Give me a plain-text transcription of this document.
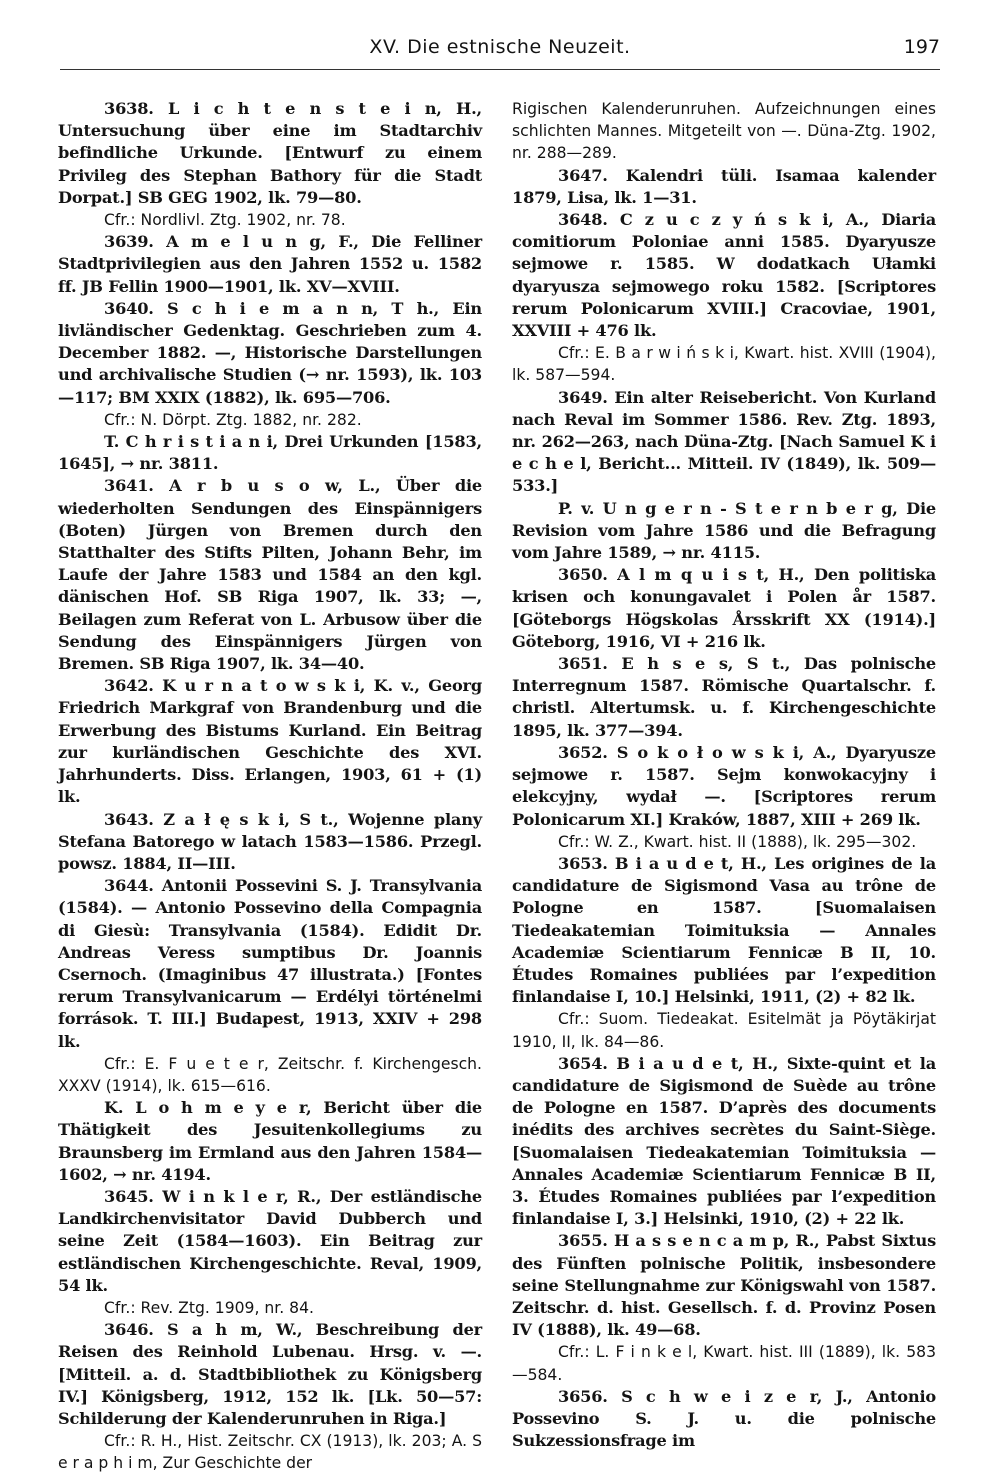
XV. Die estnische Neuzeit.	197

3638. L i c h t e n s t e i n, H., Untersuchung über eine im Stadtarchiv befindliche Urkunde. [Entwurf zu einem Privileg des Stephan Bathory für die Stadt Dorpat.] SB GEG 1902, lk. 79—80.

Cfr.: Nordlivl. Ztg. 1902, nr. 78.

3639. A m e l u n g, F., Die Felliner Stadtprivilegien aus den Jahren 1552 u. 1582 ff. JB Fellin 1900—1901, lk. XV—XVIII.

3640. S c h i e m a n n, T h., Ein livländischer Gedenktag. Geschrieben zum 4. December 1882. —, Historische Darstellungen und archivalische Studien (→ nr. 1593), lk. 103—117; BM XXIX (1882), lk. 695—706.

Cfr.: N. Dörpt. Ztg. 1882, nr. 282.

T. C h r i s t i a n i, Drei Urkunden [1583, 1645], → nr. 3811.

3641. A r b u s o w, L., Über die wiederholten Sendungen des Einspännigers (Boten) Jürgen von Bremen durch den Statthalter des Stifts Pilten, Johann Behr, im Laufe der Jahre 1583 und 1584 an den kgl. dänischen Hof. SB Riga 1907, lk. 33; —, Beilagen zum Referat von L. Arbusow über die Sendung des Einspännigers Jürgen von Bremen. SB Riga 1907, lk. 34—40.

3642. K u r n a t o w s k i, K. v., Georg Friedrich Markgraf von Brandenburg und die Erwerbung des Bistums Kurland. Ein Beitrag zur kurländischen Geschichte des XVI. Jahrhunderts. Diss. Erlangen, 1903, 61 + (1) lk.

3643. Z a ł ę s k i, S t., Wojenne plany Stefana Batorego w latach 1583—1586. Przegl. powsz. 1884, II—III.

3644. Antonii Possevini S. J. Transylvania (1584). — Antonio Possevino della Compagnia di Giesù: Transylvania (1584). Edidit Dr. Andreas Veress sumptibus Dr. Joannis Csernoch. (Imaginibus 47 illustrata.) [Fontes rerum Transylvanicarum — Erdélyi történelmi források. T. III.] Budapest, 1913, XXIV + 298 lk.

Cfr.: E. F u e t e r, Zeitschr. f. Kirchengesch. XXXV (1914), lk. 615—616.

K. L o h m e y e r, Bericht über die Thätigkeit des Jesuitenkollegiums zu Braunsberg im Ermland aus den Jahren 1584—1602, → nr. 4194.

3645. W i n k l e r, R., Der estländische Landkirchenvisitator David Dubberch und seine Zeit (1584—1603). Ein Beitrag zur estländischen Kirchengeschichte. Reval, 1909, 54 lk.

Cfr.: Rev. Ztg. 1909, nr. 84.

3646. S a h m, W., Beschreibung der Reisen des Reinhold Lubenau. Hrsg. v. —. [Mitteil. a. d. Stadtbibliothek zu Königsberg IV.] Königsberg, 1912, 152 lk. [Lk. 50—57: Schilderung der Kalenderunruhen in Riga.]

Cfr.: R. H., Hist. Zeitschr. CX (1913), lk. 203; A. S e r a p h i m, Zur Geschichte der

Rigischen Kalenderunruhen. Aufzeichnungen eines schlichten Mannes. Mitgeteilt von —. Düna-Ztg. 1902, nr. 288—289.

3647. Kalendri tüli. Isamaa kalender 1879, Lisa, lk. 1—31.

3648. C z u c z y ń s k i, A., Diaria comitiorum Poloniae anni 1585. Dyaryusze sejmowe r. 1585. W dodatkach Ułamki dyaryusza sejmowego roku 1582. [Scriptores rerum Polonicarum XVIII.] Cracoviae, 1901, XXVIII + 476 lk.

Cfr.: E. B a r w i ń s k i, Kwart. hist. XVIII (1904), lk. 587—594.

3649. Ein alter Reisebericht. Von Kurland nach Reval im Sommer 1586. Rev. Ztg. 1893, nr. 262—263, nach Düna-Ztg. [Nach Samuel K i e c h e l, Bericht... Mitteil. IV (1849), lk. 509—533.]

P. v. U n g e r n - S t e r n b e r g, Die Revision vom Jahre 1586 und die Befragung vom Jahre 1589, → nr. 4115.

3650. A l m q u i s t, H., Den politiska krisen och konungavalet i Polen år 1587. [Göteborgs Högskolas Årsskrift XX (1914).] Göteborg, 1916, VI + 216 lk.

3651. E h s e s, S t., Das polnische Interregnum 1587. Römische Quartalschr. f. christl. Altertumsk. u. f. Kirchengeschichte 1895, lk. 377—394.

3652. S o k o ł o w s k i, A., Dyaryusze sejmowe r. 1587. Sejm konwokacyjny i elekcyjny, wydał —. [Scriptores rerum Polonicarum XI.] Kraków, 1887, XIII + 269 lk.

Cfr.: W. Z., Kwart. hist. II (1888), lk. 295—302.

3653. B i a u d e t, H., Les origines de la candidature de Sigismond Vasa au trône de Pologne en 1587. [Suomalaisen Tiedeakatemian Toimituksia — Annales Academiæ Scientiarum Fennicæ B II, 10. Études Romaines publiées par l’expedition finlandaise I, 10.] Helsinki, 1911, (2) + 82 lk.

Cfr.: Suom. Tiedeakat. Esitelmät ja Pöytäkirjat 1910, II, lk. 84—86.

3654. B i a u d e t, H., Sixte-quint et la candidature de Sigismond de Suède au trône de Pologne en 1587. D’après des documents inédits des archives secrètes du Saint-Siège. [Suomalaisen Tiedeakatemian Toimituksia — Annales Academiæ Scientiarum Fennicæ B II, 3. Études Romaines publiées par l’expedition finlandaise I, 3.] Helsinki, 1910, (2) + 22 lk.

3655. H a s s e n c a m p, R., Pabst Sixtus des Fünften polnische Politik, insbesondere seine Stellungnahme zur Königswahl von 1587. Zeitschr. d. hist. Gesellsch. f. d. Provinz Posen IV (1888), lk. 49—68.

Cfr.: L. F i n k e l, Kwart. hist. III (1889), lk. 583—584.

3656. S c h w e i z e r, J., Antonio Possevino S. J. u. die polnische Sukzessionsfrage im
